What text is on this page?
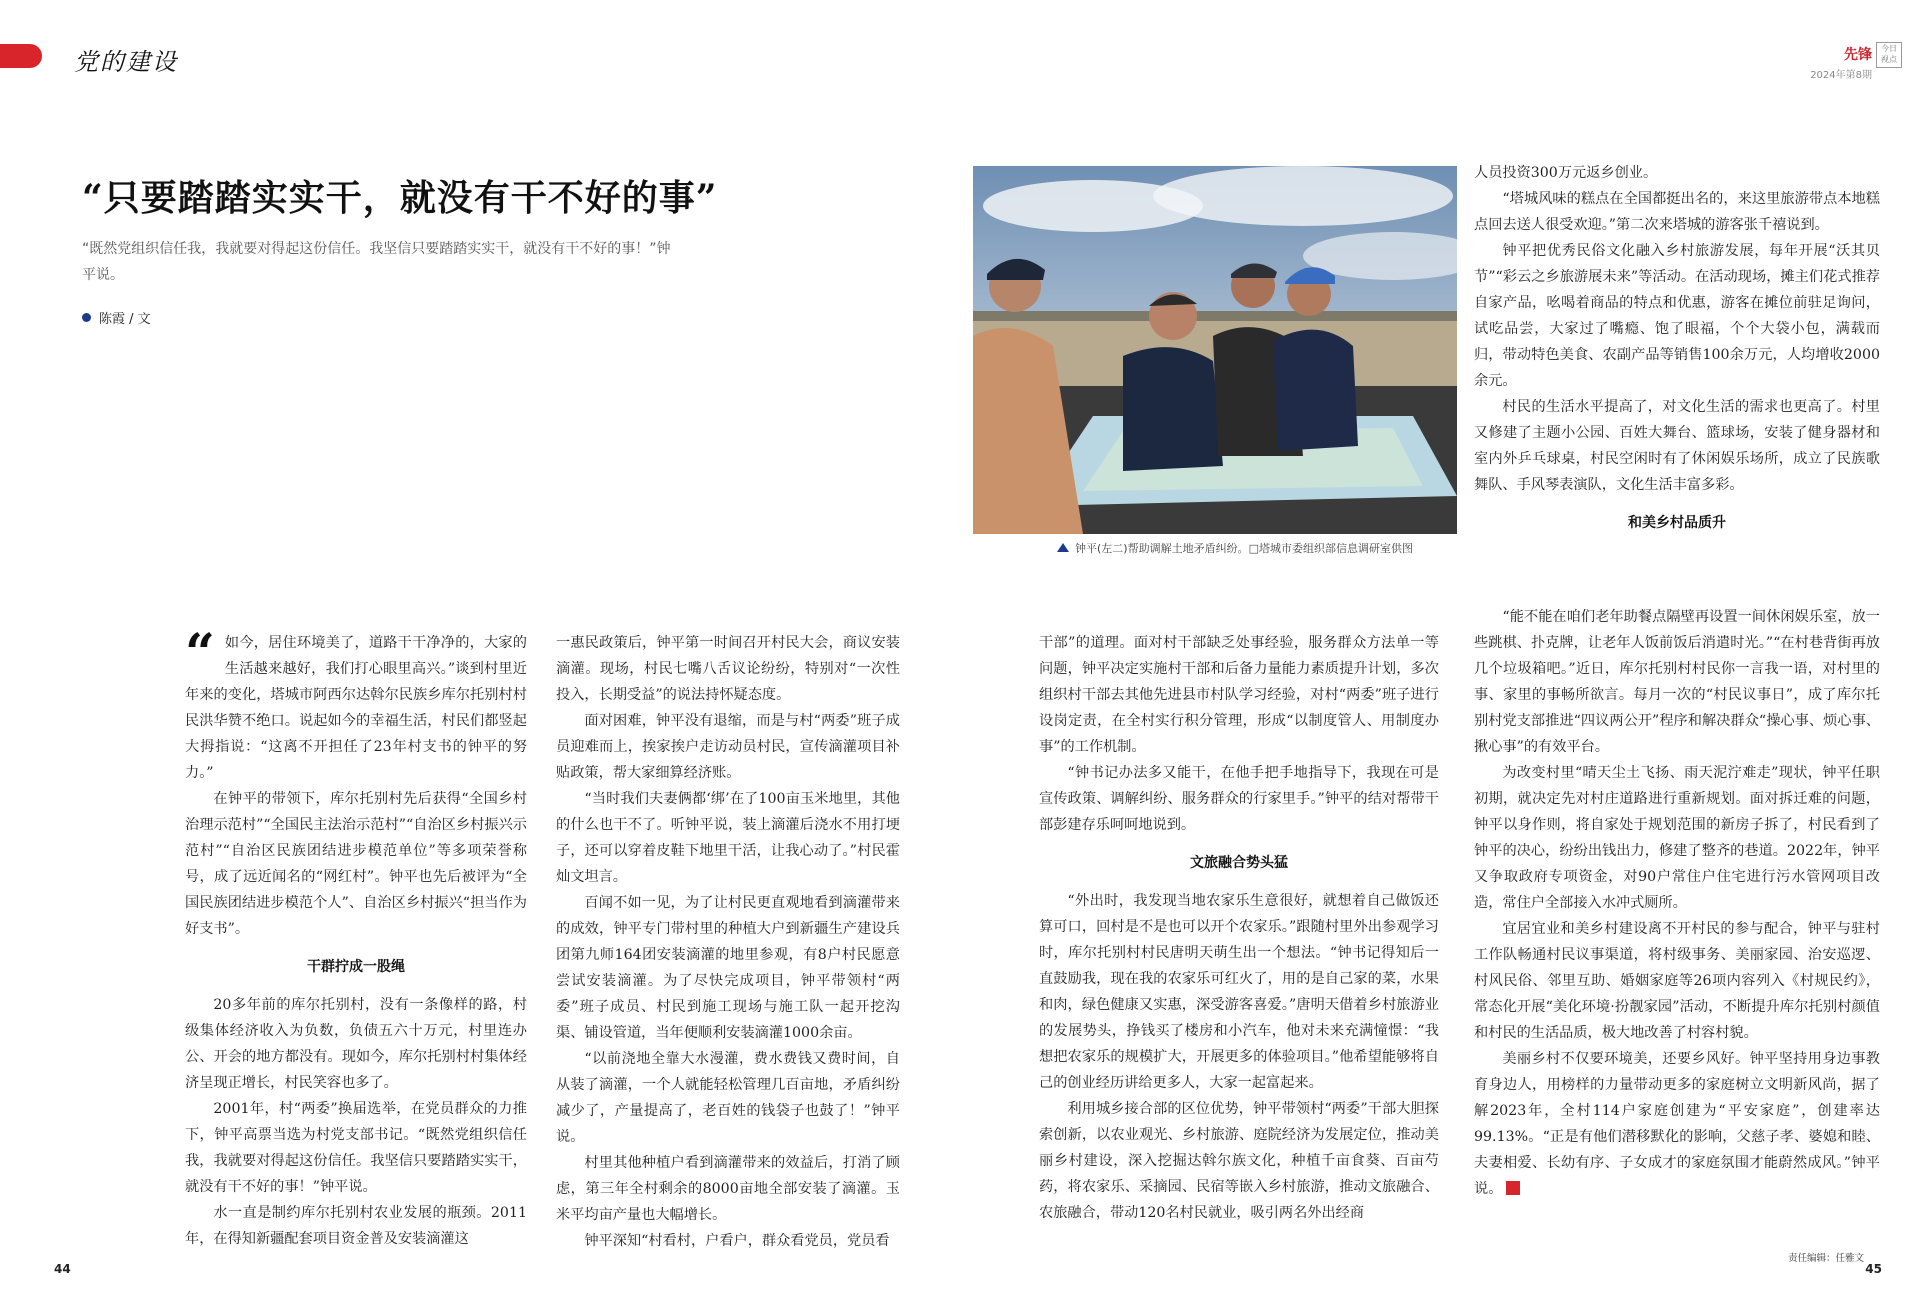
党的建设	先锋
2024年第8期
今日 视点
“只要踏踏实实干，就没有干不好的事”
“既然党组织信任我，我就要对得起这份信任。我坚信只要踏踏实实干，就没有干不好的事！”钟平说。
陈霞 / 文
钟平(左二)帮助调解土地矛盾纠纷。□塔城市委组织部信息调研室供图

“ 如今，居住环境美了，道路干干净净的，大家的生活越来越好，我们打心眼里高兴。”谈到村里近年来的变化，塔城市阿西尔达斡尔民族乡库尔托别村村民洪华赞不绝口。说起如今的幸福生活，村民们都竖起大拇指说：“这离不开担任了23年村支书的钟平的努力。”

在钟平的带领下，库尔托别村先后获得“全国乡村治理示范村”“全国民主法治示范村”“自治区乡村振兴示范村”“自治区民族团结进步模范单位”等多项荣誉称号，成了远近闻名的“网红村”。钟平也先后被评为“全国民族团结进步模范个人”、自治区乡村振兴“担当作为好支书”。

干群拧成一股绳

20多年前的库尔托别村，没有一条像样的路，村级集体经济收入为负数，负债五六十万元，村里连办公、开会的地方都没有。现如今，库尔托别村村集体经济呈现正增长，村民笑容也多了。

2001年，村“两委”换届选举，在党员群众的力推下，钟平高票当选为村党支部书记。“既然党组织信任我，我就要对得起这份信任。我坚信只要踏踏实实干，就没有干不好的事！”钟平说。

水一直是制约库尔托别村农业发展的瓶颈。2011年，在得知新疆配套项目资金普及安装滴灌这

一惠民政策后，钟平第一时间召开村民大会，商议安装滴灌。现场，村民七嘴八舌议论纷纷，特别对“一次性投入，长期受益”的说法持怀疑态度。

面对困难，钟平没有退缩，而是与村“两委”班子成员迎难而上，挨家挨户走访动员村民，宣传滴灌项目补贴政策，帮大家细算经济账。

“当时我们夫妻俩都‘绑’在了100亩玉米地里，其他的什么也干不了。听钟平说，装上滴灌后浇水不用打埂子，还可以穿着皮鞋下地里干活，让我心动了。”村民霍灿文坦言。

百闻不如一见，为了让村民更直观地看到滴灌带来的成效，钟平专门带村里的种植大户到新疆生产建设兵团第九师164团安装滴灌的地里参观，有8户村民愿意尝试安装滴灌。为了尽快完成项目，钟平带领村“两委”班子成员、村民到施工现场与施工队一起开挖沟渠、铺设管道，当年便顺利安装滴灌1000余亩。

“以前浇地全靠大水漫灌，费水费钱又费时间，自从装了滴灌，一个人就能轻松管理几百亩地，矛盾纠纷减少了，产量提高了，老百姓的钱袋子也鼓了！”钟平说。

村里其他种植户看到滴灌带来的效益后，打消了顾虑，第三年全村剩余的8000亩地全部安装了滴灌。玉米平均亩产量也大幅增长。

钟平深知“村看村，户看户，群众看党员，党员看

干部”的道理。面对村干部缺乏处事经验，服务群众方法单一等问题，钟平决定实施村干部和后备力量能力素质提升计划，多次组织村干部去其他先进县市村队学习经验，对村“两委”班子进行设岗定责，在全村实行积分管理，形成“以制度管人、用制度办事”的工作机制。

“钟书记办法多又能干，在他手把手地指导下，我现在可是宣传政策、调解纠纷、服务群众的行家里手。”钟平的结对帮带干部彭建存乐呵呵地说到。

文旅融合势头猛

“外出时，我发现当地农家乐生意很好，就想着自己做饭还算可口，回村是不是也可以开个农家乐。”跟随村里外出参观学习时，库尔托别村村民唐明天萌生出一个想法。“钟书记得知后一直鼓励我，现在我的农家乐可红火了，用的是自己家的菜，水果和肉，绿色健康又实惠，深受游客喜爱。”唐明天借着乡村旅游业的发展势头，挣钱买了楼房和小汽车，他对未来充满憧憬：“我想把农家乐的规模扩大，开展更多的体验项目。”他希望能够将自己的创业经历讲给更多人，大家一起富起来。

利用城乡接合部的区位优势，钟平带领村“两委”干部大胆探索创新，以农业观光、乡村旅游、庭院经济为发展定位，推动美丽乡村建设，深入挖掘达斡尔族文化，种植千亩食葵、百亩芍药，将农家乐、采摘园、民宿等嵌入乡村旅游，推动文旅融合、农旅融合，带动120名村民就业，吸引两名外出经商

人员投资300万元返乡创业。

“塔城风味的糕点在全国都挺出名的，来这里旅游带点本地糕点回去送人很受欢迎。”第二次来塔城的游客张千禧说到。

钟平把优秀民俗文化融入乡村旅游发展，每年开展“沃其贝节”“彩云之乡旅游展未来”等活动。在活动现场，摊主们花式推荐自家产品，吆喝着商品的特点和优惠，游客在摊位前驻足询问，试吃品尝，大家过了嘴瘾、饱了眼福，个个大袋小包，满载而归，带动特色美食、农副产品等销售100余万元，人均增收2000余元。

村民的生活水平提高了，对文化生活的需求也更高了。村里又修建了主题小公园、百姓大舞台、篮球场，安装了健身器材和室内外乒乓球桌，村民空闲时有了休闲娱乐场所，成立了民族歌舞队、手风琴表演队，文化生活丰富多彩。

和美乡村品质升

“能不能在咱们老年助餐点隔壁再设置一间休闲娱乐室，放一些跳棋、扑克牌，让老年人饭前饭后消遣时光。”“在村巷背街再放几个垃圾箱吧。”近日，库尔托别村村民你一言我一语，对村里的事、家里的事畅所欲言。每月一次的“村民议事日”，成了库尔托别村党支部推进“四议两公开”程序和解决群众“操心事、烦心事、揪心事”的有效平台。

为改变村里“晴天尘土飞扬、雨天泥泞难走”现状，钟平任职初期，就决定先对村庄道路进行重新规划。面对拆迁难的问题，钟平以身作则，将自家处于规划范围的新房子拆了，村民看到了钟平的决心，纷纷出钱出力，修建了整齐的巷道。2022年，钟平又争取政府专项资金，对90户常住户住宅进行污水管网项目改造，常住户全部接入水冲式厕所。

宜居宜业和美乡村建设离不开村民的参与配合，钟平与驻村工作队畅通村民议事渠道，将村级事务、美丽家园、治安巡逻、村风民俗、邻里互助、婚姻家庭等26项内容列入《村规民约》，常态化开展“美化环境·扮靓家园”活动，不断提升库尔托别村颜值和村民的生活品质，极大地改善了村容村貌。

美丽乡村不仅要环境美，还要乡风好。钟平坚持用身边事教育身边人，用榜样的力量带动更多的家庭树立文明新风尚，据了解2023年，全村114户家庭创建为“平安家庭”，创建率达99.13%。“正是有他们潜移默化的影响，父慈子孝、婆媳和睦、夫妻相爱、长幼有序、子女成才的家庭氛围才能蔚然成风。”钟平说。

44	45
责任编辑：任雅文
